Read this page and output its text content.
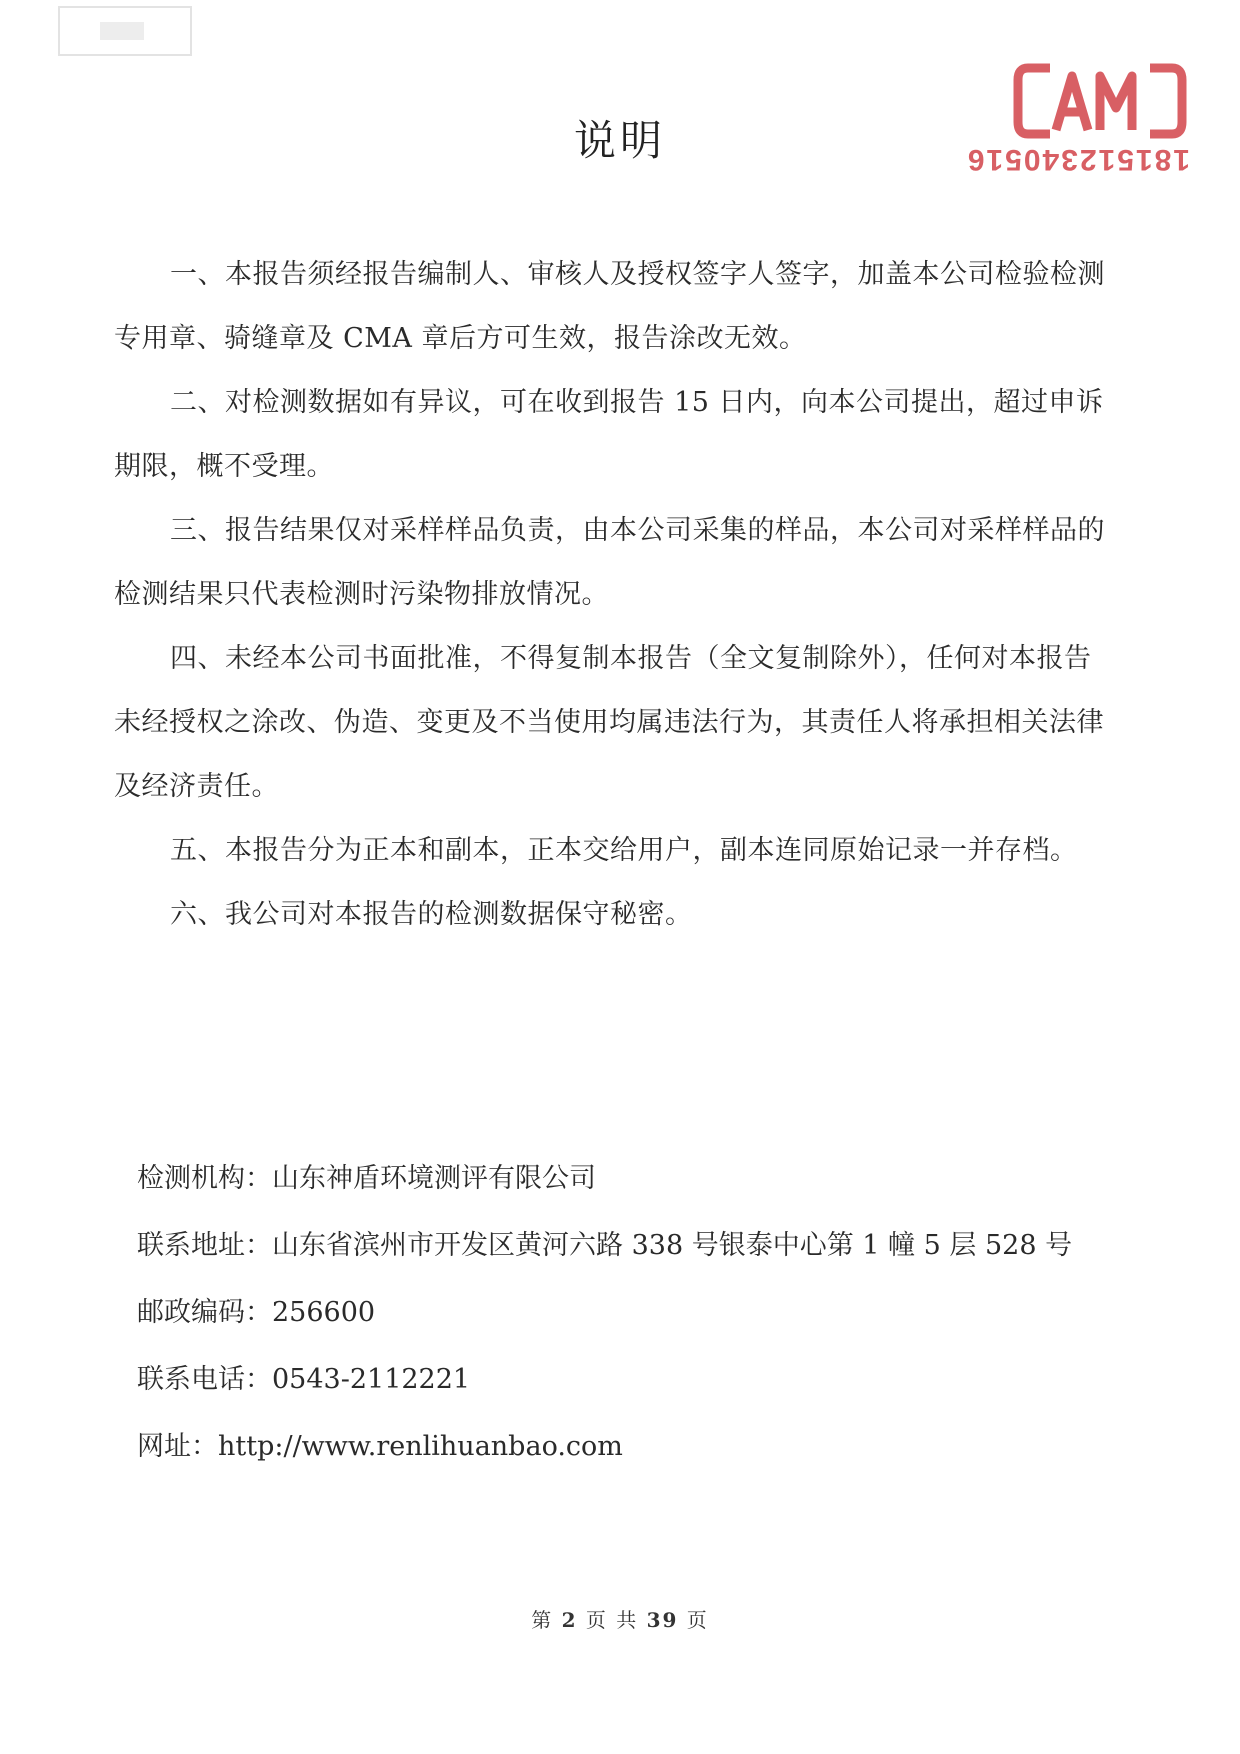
181512340516
说明

一、本报告须经报告编制人、审核人及授权签字人签字，加盖本公司检验检测专用章、骑缝章及 CMA 章后方可生效，报告涂改无效。

二、对检测数据如有异议，可在收到报告 15 日内，向本公司提出，超过申诉期限，概不受理。

三、报告结果仅对采样样品负责，由本公司采集的样品，本公司对采样样品的检测结果只代表检测时污染物排放情况。

四、未经本公司书面批准，不得复制本报告（全文复制除外），任何对本报告未经授权之涂改、伪造、变更及不当使用均属违法行为，其责任人将承担相关法律及经济责任。

五、本报告分为正本和副本，正本交给用户，副本连同原始记录一并存档。

六、我公司对本报告的检测数据保守秘密。

检测机构： 山东神盾环境测评有限公司
联系地址： 山东省滨州市开发区黄河六路 338 号银泰中心第 1 幢 5 层 528 号
邮政编码： 256600
联系电话： 0543-2112221
网址： http://www.renlihuanbao.com
第 2 页 共 39 页
